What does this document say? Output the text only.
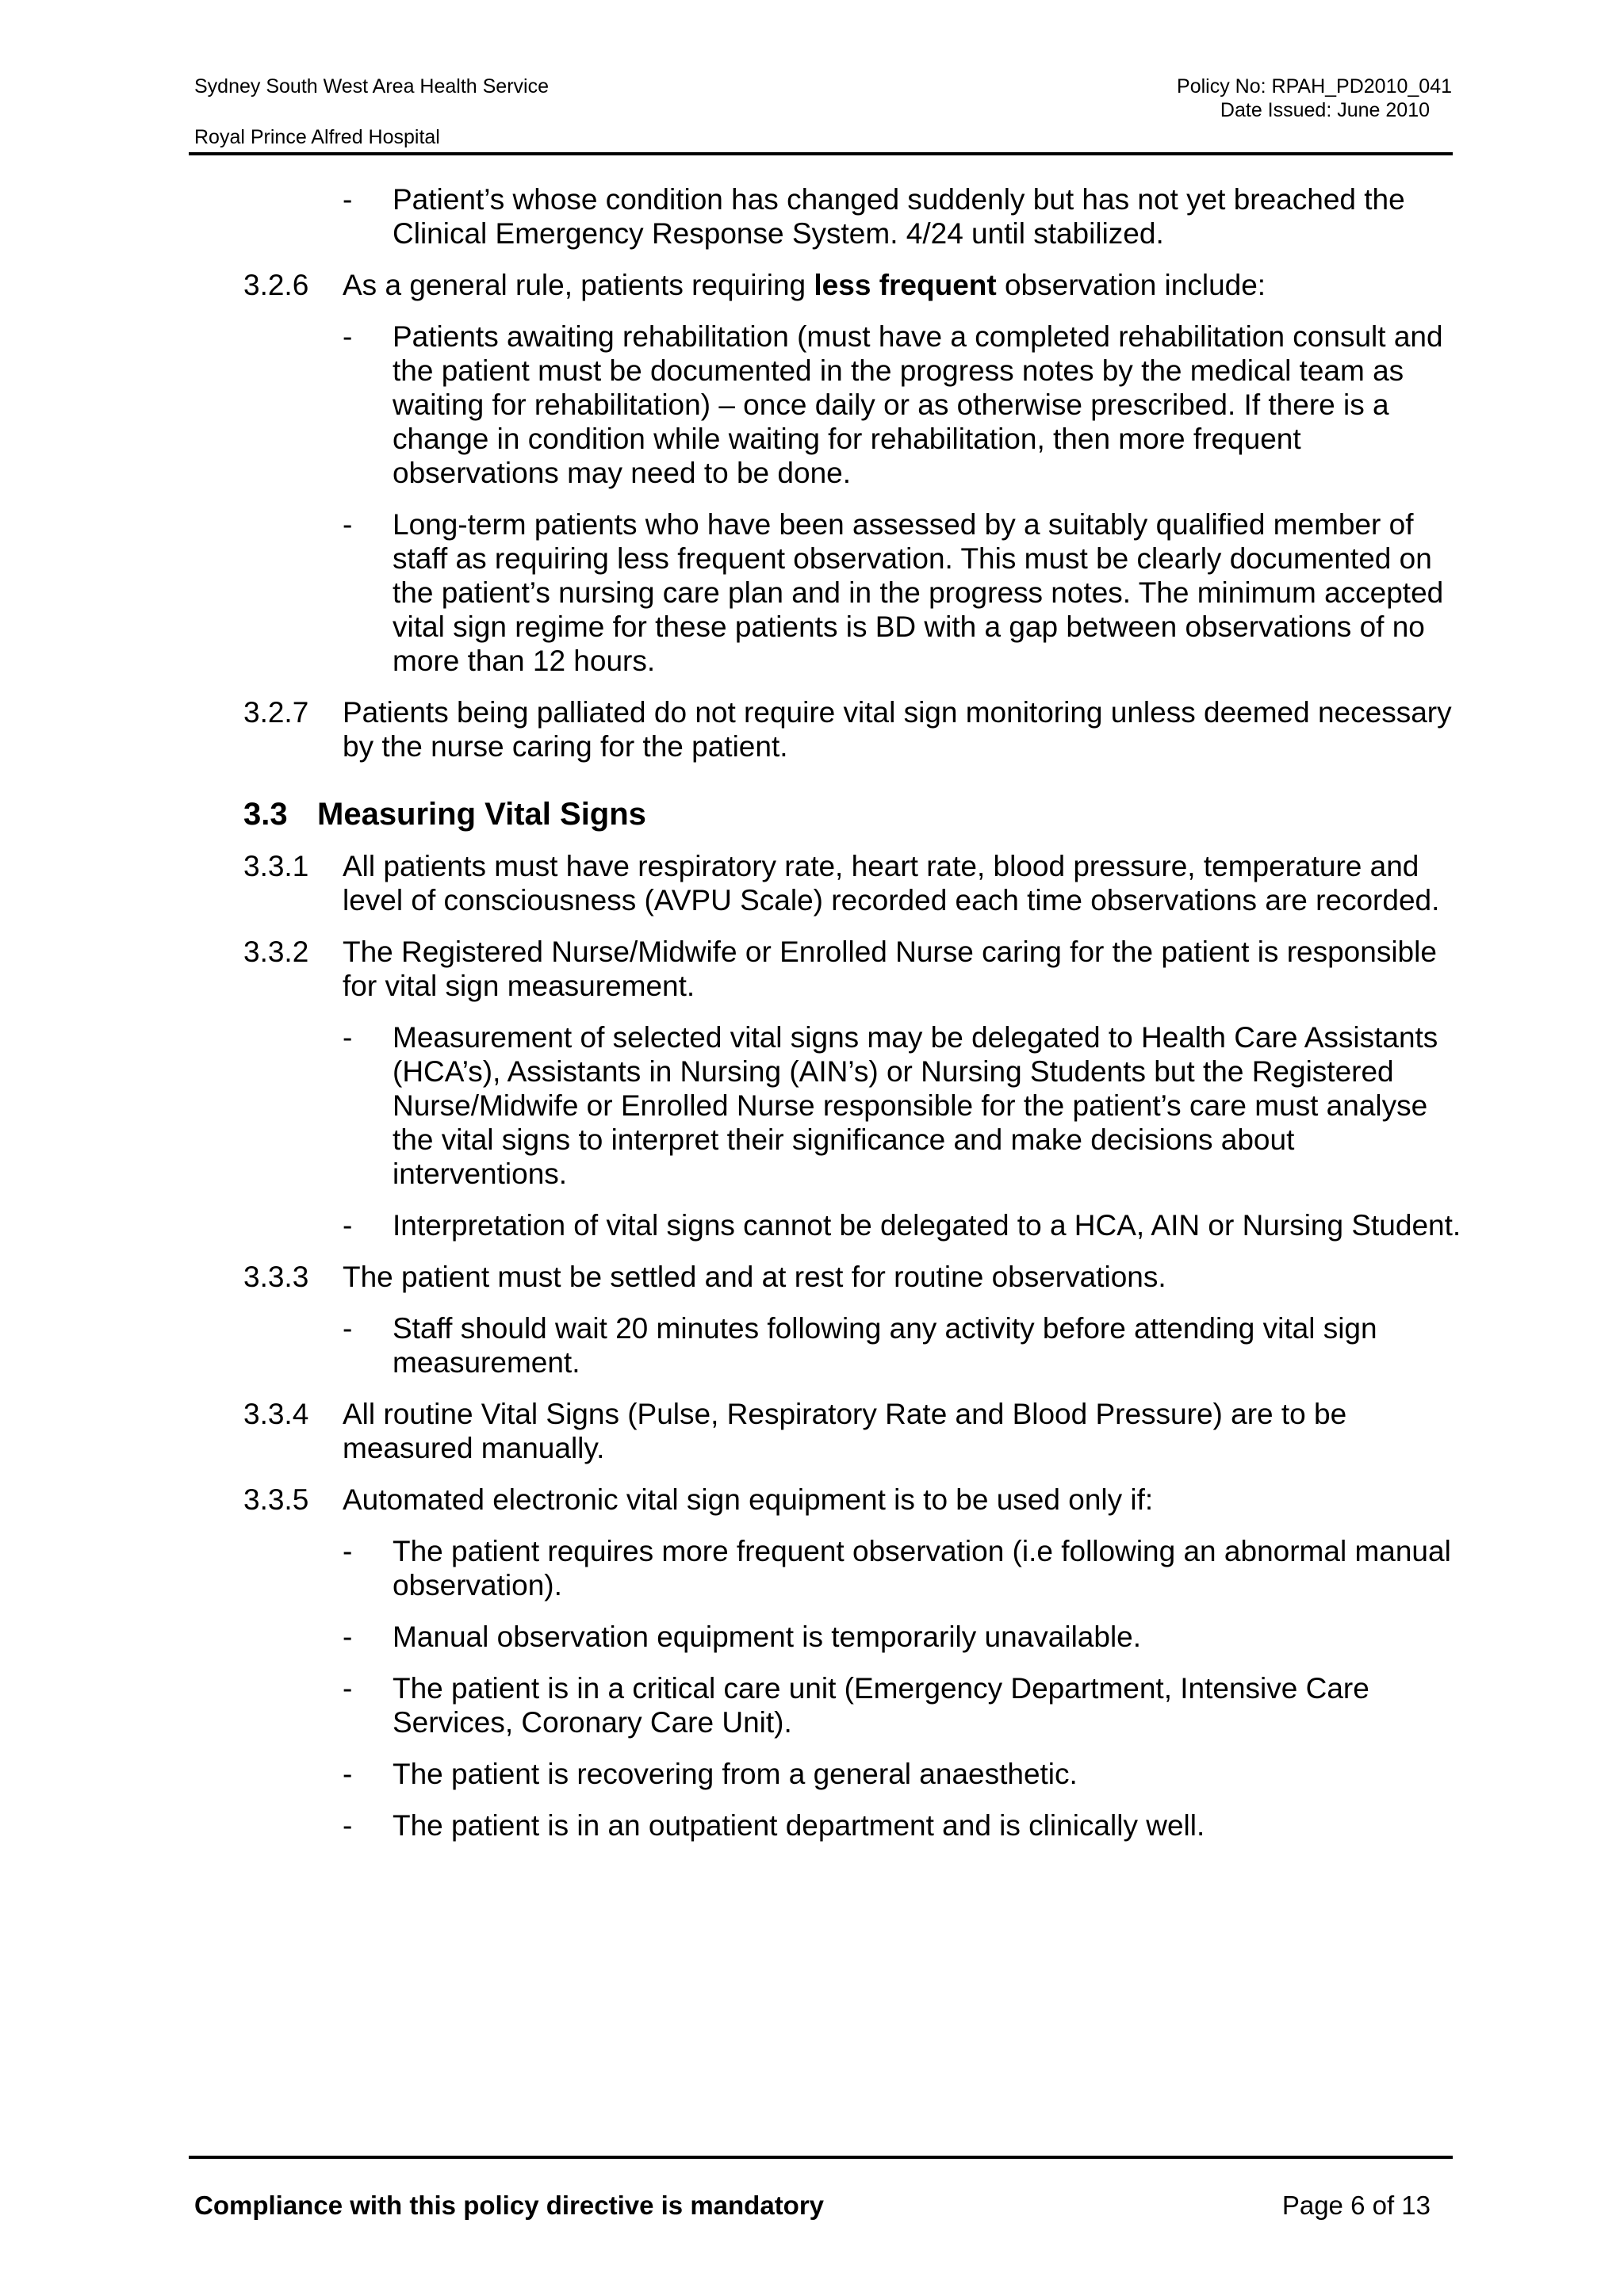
Sydney South West Area Health Service
Royal Prince Alfred Hospital
Policy No: RPAH_PD2010_041
Date Issued: June 2010
- Patient’s whose condition has changed suddenly but has not yet breached the Clinical Emergency Response System. 4/24 until stabilized.
3.2.6 As a general rule, patients requiring less frequent observation include:
- Patients awaiting rehabilitation (must have a completed rehabilitation consult and the patient must be documented in the progress notes by the medical team as waiting for rehabilitation) – once daily or as otherwise prescribed. If there is a change in condition while waiting for rehabilitation, then more frequent observations may need to be done.
- Long-term patients who have been assessed by a suitably qualified member of staff as requiring less frequent observation. This must be clearly documented on the patient’s nursing care plan and in the progress notes. The minimum accepted vital sign regime for these patients is BD with a gap between observations of no more than 12 hours.
3.2.7 Patients being palliated do not require vital sign monitoring unless deemed necessary by the nurse caring for the patient.
3.3 Measuring Vital Signs
3.3.1 All patients must have respiratory rate, heart rate, blood pressure, temperature and level of consciousness (AVPU Scale) recorded each time observations are recorded.
3.3.2 The Registered Nurse/Midwife or Enrolled Nurse caring for the patient is responsible for vital sign measurement.
- Measurement of selected vital signs may be delegated to Health Care Assistants (HCA’s), Assistants in Nursing (AIN’s) or Nursing Students but the Registered Nurse/Midwife or Enrolled Nurse responsible for the patient’s care must analyse the vital signs to interpret their significance and make decisions about interventions.
- Interpretation of vital signs cannot be delegated to a HCA, AIN or Nursing Student.
3.3.3 The patient must be settled and at rest for routine observations.
- Staff should wait 20 minutes following any activity before attending vital sign measurement.
3.3.4 All routine Vital Signs (Pulse, Respiratory Rate and Blood Pressure) are to be measured manually.
3.3.5 Automated electronic vital sign equipment is to be used only if:
- The patient requires more frequent observation (i.e following an abnormal manual observation).
- Manual observation equipment is temporarily unavailable.
- The patient is in a critical care unit (Emergency Department, Intensive Care Services, Coronary Care Unit).
- The patient is recovering from a general anaesthetic.
- The patient is in an outpatient department and is clinically well.
Compliance with this policy directive is mandatory	Page 6 of 13
